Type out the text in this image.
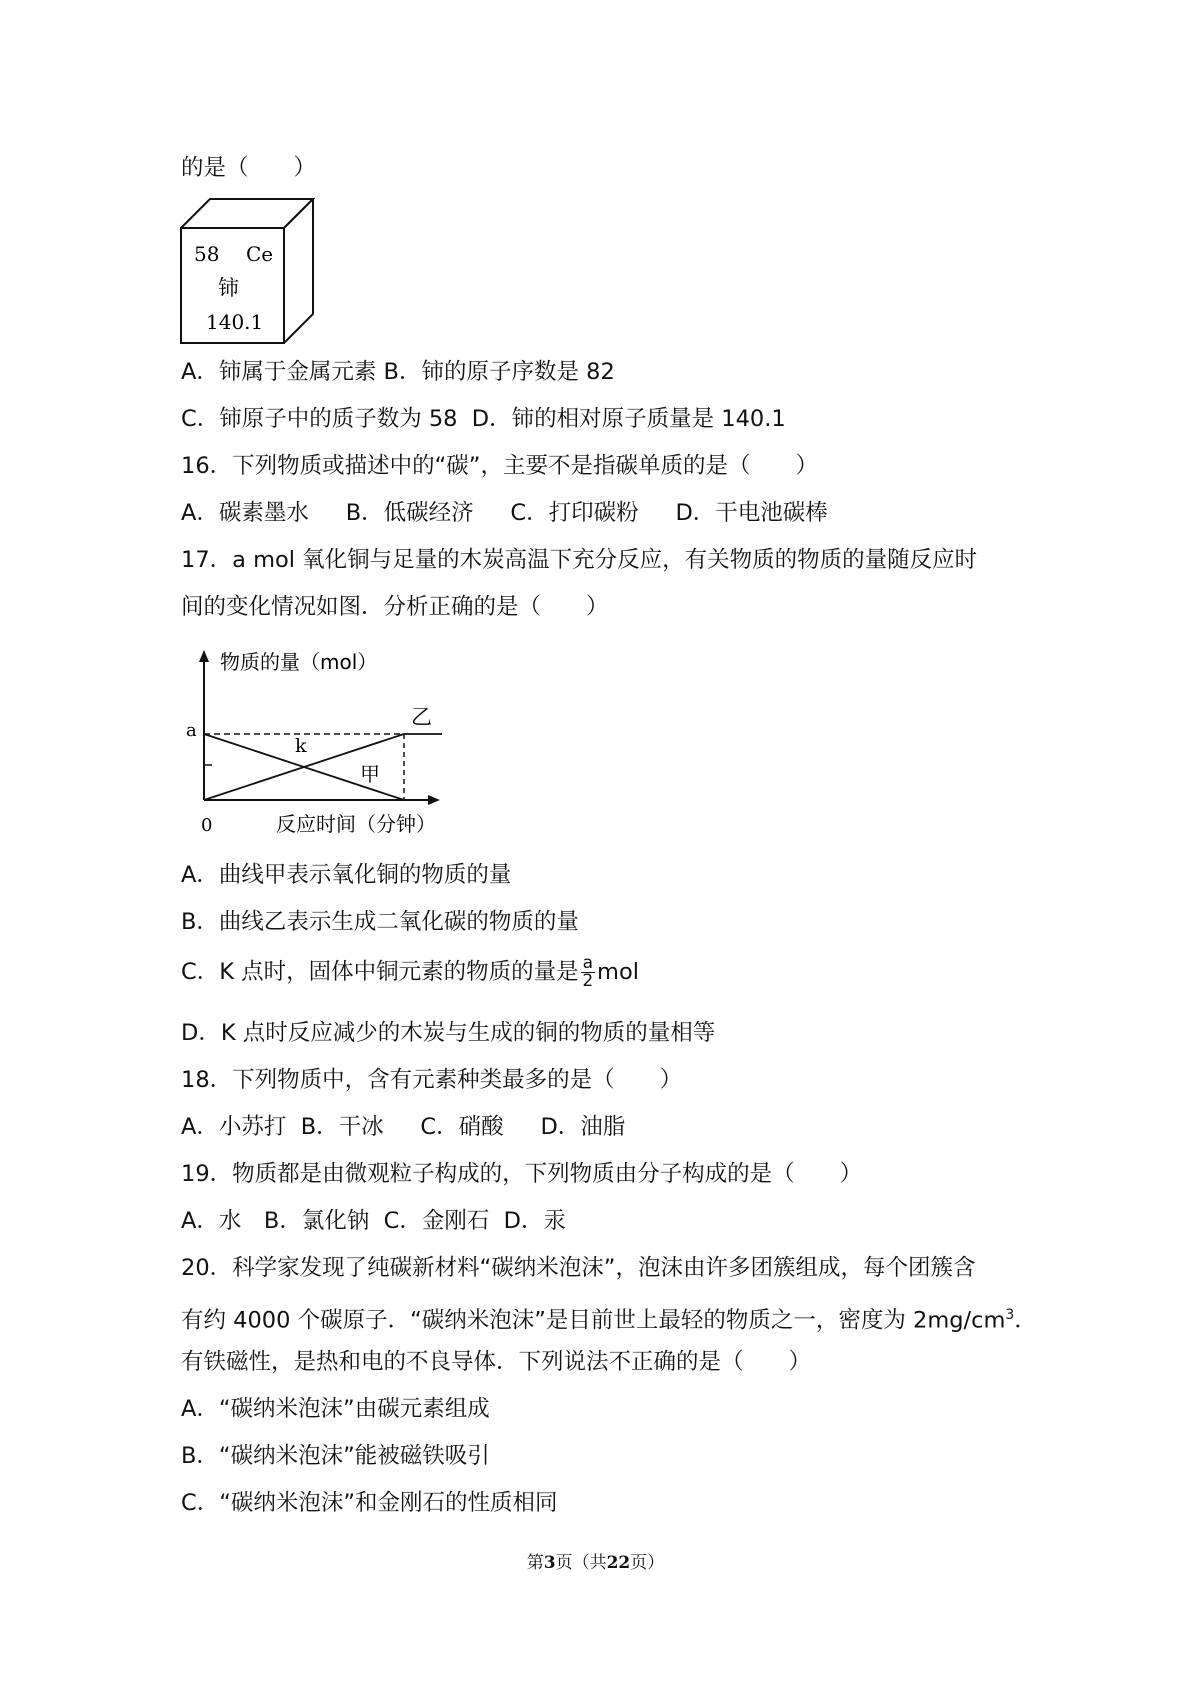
的是（　　）
58 Ce
铈
140.1
A．铈属于金属元素 B．铈的原子序数是 82
C．铈原子中的质子数为 58  D．铈的相对原子质量是 140.1
16．下列物质或描述中的“碳”，主要不是指碳单质的是（　　）
A．碳素墨水　  B．低碳经济　  C．打印碳粉　  D．干电池碳棒
17．a mol 氧化铜与足量的木炭高温下充分反应，有关物质的物质的量随反应时
间的变化情况如图．分析正确的是（　　）
物质的量（mol）
a
k
甲
乙
0	反应时间（分钟）
A．曲线甲表示氧化铜的物质的量
B．曲线乙表示生成二氧化碳的物质的量
C．K 点时，固体中铜元素的物质的量是 $\frac{a}{2}$ mol
D．K 点时反应减少的木炭与生成的铜的物质的量相等
18．下列物质中，含有元素种类最多的是（　　）
A．小苏打  B．干冰　  C．硝酸　  D．油脂
19．物质都是由微观粒子构成的，下列物质由分子构成的是（　　）
A．水　B．氯化钠  C．金刚石  D．汞
20．科学家发现了纯碳新材料“碳纳米泡沫”，泡沫由许多团簇组成，每个团簇含
有约 4000 个碳原子．“碳纳米泡沫”是目前世上最轻的物质之一，密度为 $2mg/cm^3$．
有铁磁性，是热和电的不良导体．下列说法不正确的是（　　）
A．“碳纳米泡沫”由碳元素组成
B．“碳纳米泡沫”能被磁铁吸引
C．“碳纳米泡沫”和金刚石的性质相同
第3页（共22页）
